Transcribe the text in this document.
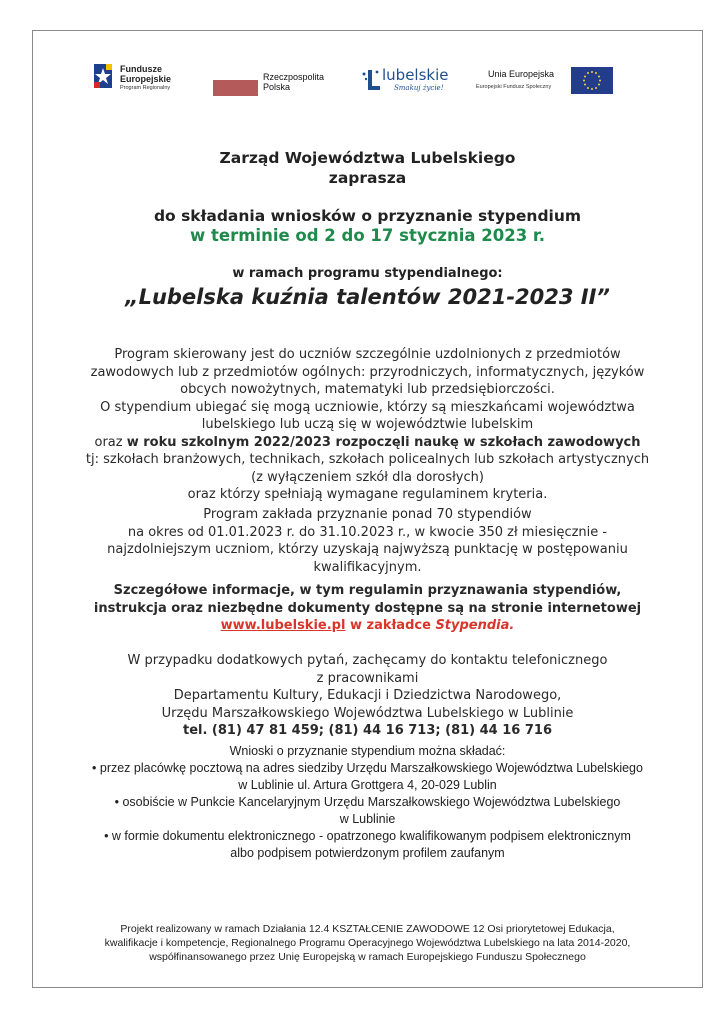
Fundusze
Europejskie
Program Regionalny
Rzeczpospolita
Polska
lubelskie
Smakuj życie!
Unia Europejska
Europejski Fundusz Społeczny
Zarząd Województwa Lubelskiego
zaprasza
do składania wniosków o przyznanie stypendium
w terminie od 2 do 17 stycznia 2023 r.
w ramach programu stypendialnego:
„Lubelska kuźnia talentów 2021-2023 II”
Program skierowany jest do uczniów szczególnie uzdolnionych z przedmiotów
zawodowych lub z przedmiotów ogólnych: przyrodniczych, informatycznych, języków
obcych nowożytnych, matematyki lub przedsiębiorczości.
O stypendium ubiegać się mogą uczniowie, którzy są mieszkańcami województwa
lubelskiego lub uczą się w województwie lubelskim
oraz w roku szkolnym 2022/2023 rozpoczęli naukę w szkołach zawodowych
tj: szkołach branżowych, technikach, szkołach policealnych lub szkołach artystycznych
(z wyłączeniem szkół dla dorosłych)
oraz którzy spełniają wymagane regulaminem kryteria.
Program zakłada przyznanie ponad 70 stypendiów
na okres od 01.01.2023 r. do 31.10.2023 r., w kwocie 350 zł miesięcznie -
najzdolniejszym uczniom, którzy uzyskają najwyższą punktację w postępowaniu
kwalifikacyjnym.
Szczegółowe informacje, w tym regulamin przyznawania stypendiów,
instrukcja oraz niezbędne dokumenty dostępne są na stronie internetowej
www.lubelskie.pl w zakładce Stypendia.
W przypadku dodatkowych pytań, zachęcamy do kontaktu telefonicznego
z pracownikami
Departamentu Kultury, Edukacji i Dziedzictwa Narodowego,
Urzędu Marszałkowskiego Województwa Lubelskiego w Lublinie
tel. (81) 47 81 459; (81) 44 16 713; (81) 44 16 716
Wnioski o przyznanie stypendium można składać:
• przez placówkę pocztową na adres siedziby Urzędu Marszałkowskiego Województwa Lubelskiego
w Lublinie ul. Artura Grottgera 4, 20-029 Lublin
• osobiście w Punkcie Kancelaryjnym Urzędu Marszałkowskiego Województwa Lubelskiego
w Lublinie
• w formie dokumentu elektronicznego - opatrzonego kwalifikowanym podpisem elektronicznym
albo podpisem potwierdzonym profilem zaufanym
Projekt realizowany w ramach Działania 12.4 KSZTAŁCENIE ZAWODOWE 12 Osi priorytetowej Edukacja,
kwalifikacje i kompetencje, Regionalnego Programu Operacyjnego Województwa Lubelskiego na lata 2014-2020,
współfinansowanego przez Unię Europejską w ramach Europejskiego Funduszu Społecznego
